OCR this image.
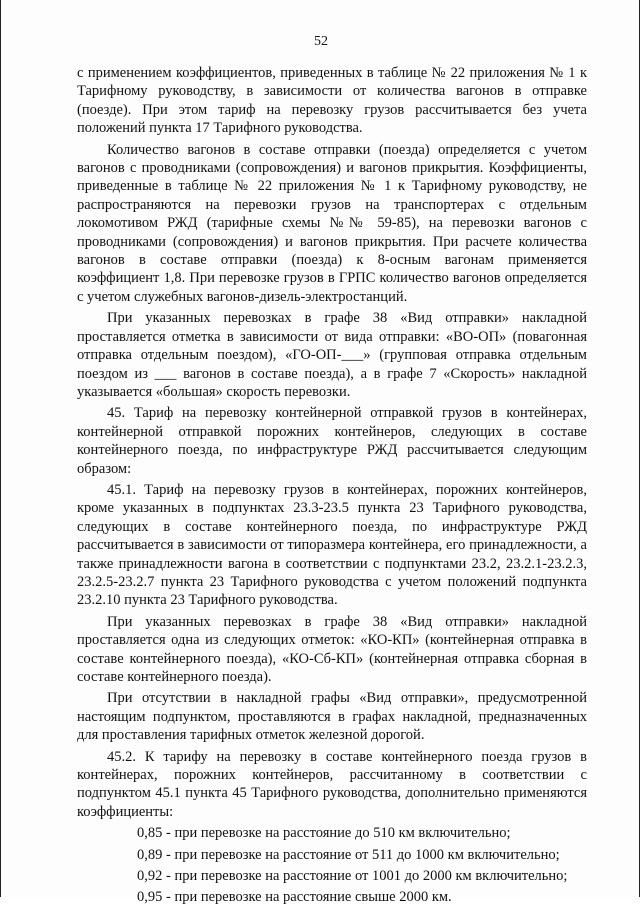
52

с применением коэффициентов, приведенных в таблице № 22 приложения № 1 к Тарифному руководству, в зависимости от количества вагонов в отправке (поезде). При этом тариф на перевозку грузов рассчитывается без учета положений пункта 17 Тарифного руководства.

Количество вагонов в составе отправки (поезда) определяется с учетом вагонов с проводниками (сопровождения) и вагонов прикрытия. Коэффициенты, приведенные в таблице № 22 приложения № 1 к Тарифному руководству, не распространяются на перевозки грузов на транспортерах с отдельным локомотивом РЖД (тарифные схемы №№ 59-85), на перевозки вагонов с проводниками (сопровождения) и вагонов прикрытия. При расчете количества вагонов в составе отправки (поезда) к 8-осным вагонам применяется коэффициент 1,8. При перевозке грузов в ГРПС количество вагонов определяется с учетом служебных вагонов-дизель-электростанций.

При указанных перевозках в графе 38 «Вид отправки» накладной проставляется отметка в зависимости от вида отправки: «ВО-ОП» (повагонная отправка отдельным поездом), «ГО-ОП-___» (групповая отправка отдельным поездом из ___ вагонов в составе поезда), а в графе 7 «Скорость» накладной указывается «большая» скорость перевозки.

45. Тариф на перевозку контейнерной отправкой грузов в контейнерах, контейнерной отправкой порожних контейнеров, следующих в составе контейнерного поезда, по инфраструктуре РЖД рассчитывается следующим образом:

45.1. Тариф на перевозку грузов в контейнерах, порожних контейнеров, кроме указанных в подпунктах 23.3-23.5 пункта 23 Тарифного руководства, следующих в составе контейнерного поезда, по инфраструктуре РЖД рассчитывается в зависимости от типоразмера контейнера, его принадлежности, а также принадлежности вагона в соответствии с подпунктами 23.2, 23.2.1-23.2.3, 23.2.5-23.2.7 пункта 23 Тарифного руководства с учетом положений подпункта 23.2.10 пункта 23 Тарифного руководства.

При указанных перевозках в графе 38 «Вид отправки» накладной проставляется одна из следующих отметок: «КО-КП» (контейнерная отправка в составе контейнерного поезда), «КО-Сб-КП» (контейнерная отправка сборная в составе контейнерного поезда).

При отсутствии в накладной графы «Вид отправки», предусмотренной настоящим подпунктом, проставляются в графах накладной, предназначенных для проставления тарифных отметок железной дорогой.

45.2. К тарифу на перевозку в составе контейнерного поезда грузов в контейнерах, порожних контейнеров, рассчитанному в соответствии с подпунктом 45.1 пункта 45 Тарифного руководства, дополнительно применяются коэффициенты:

0,85 - при перевозке на расстояние до 510 км включительно;

0,89 - при перевозке на расстояние от 511 до 1000 км включительно;

0,92 - при перевозке на расстояние от 1001 до 2000 км включительно;

0,95 - при перевозке на расстояние свыше 2000 км.
